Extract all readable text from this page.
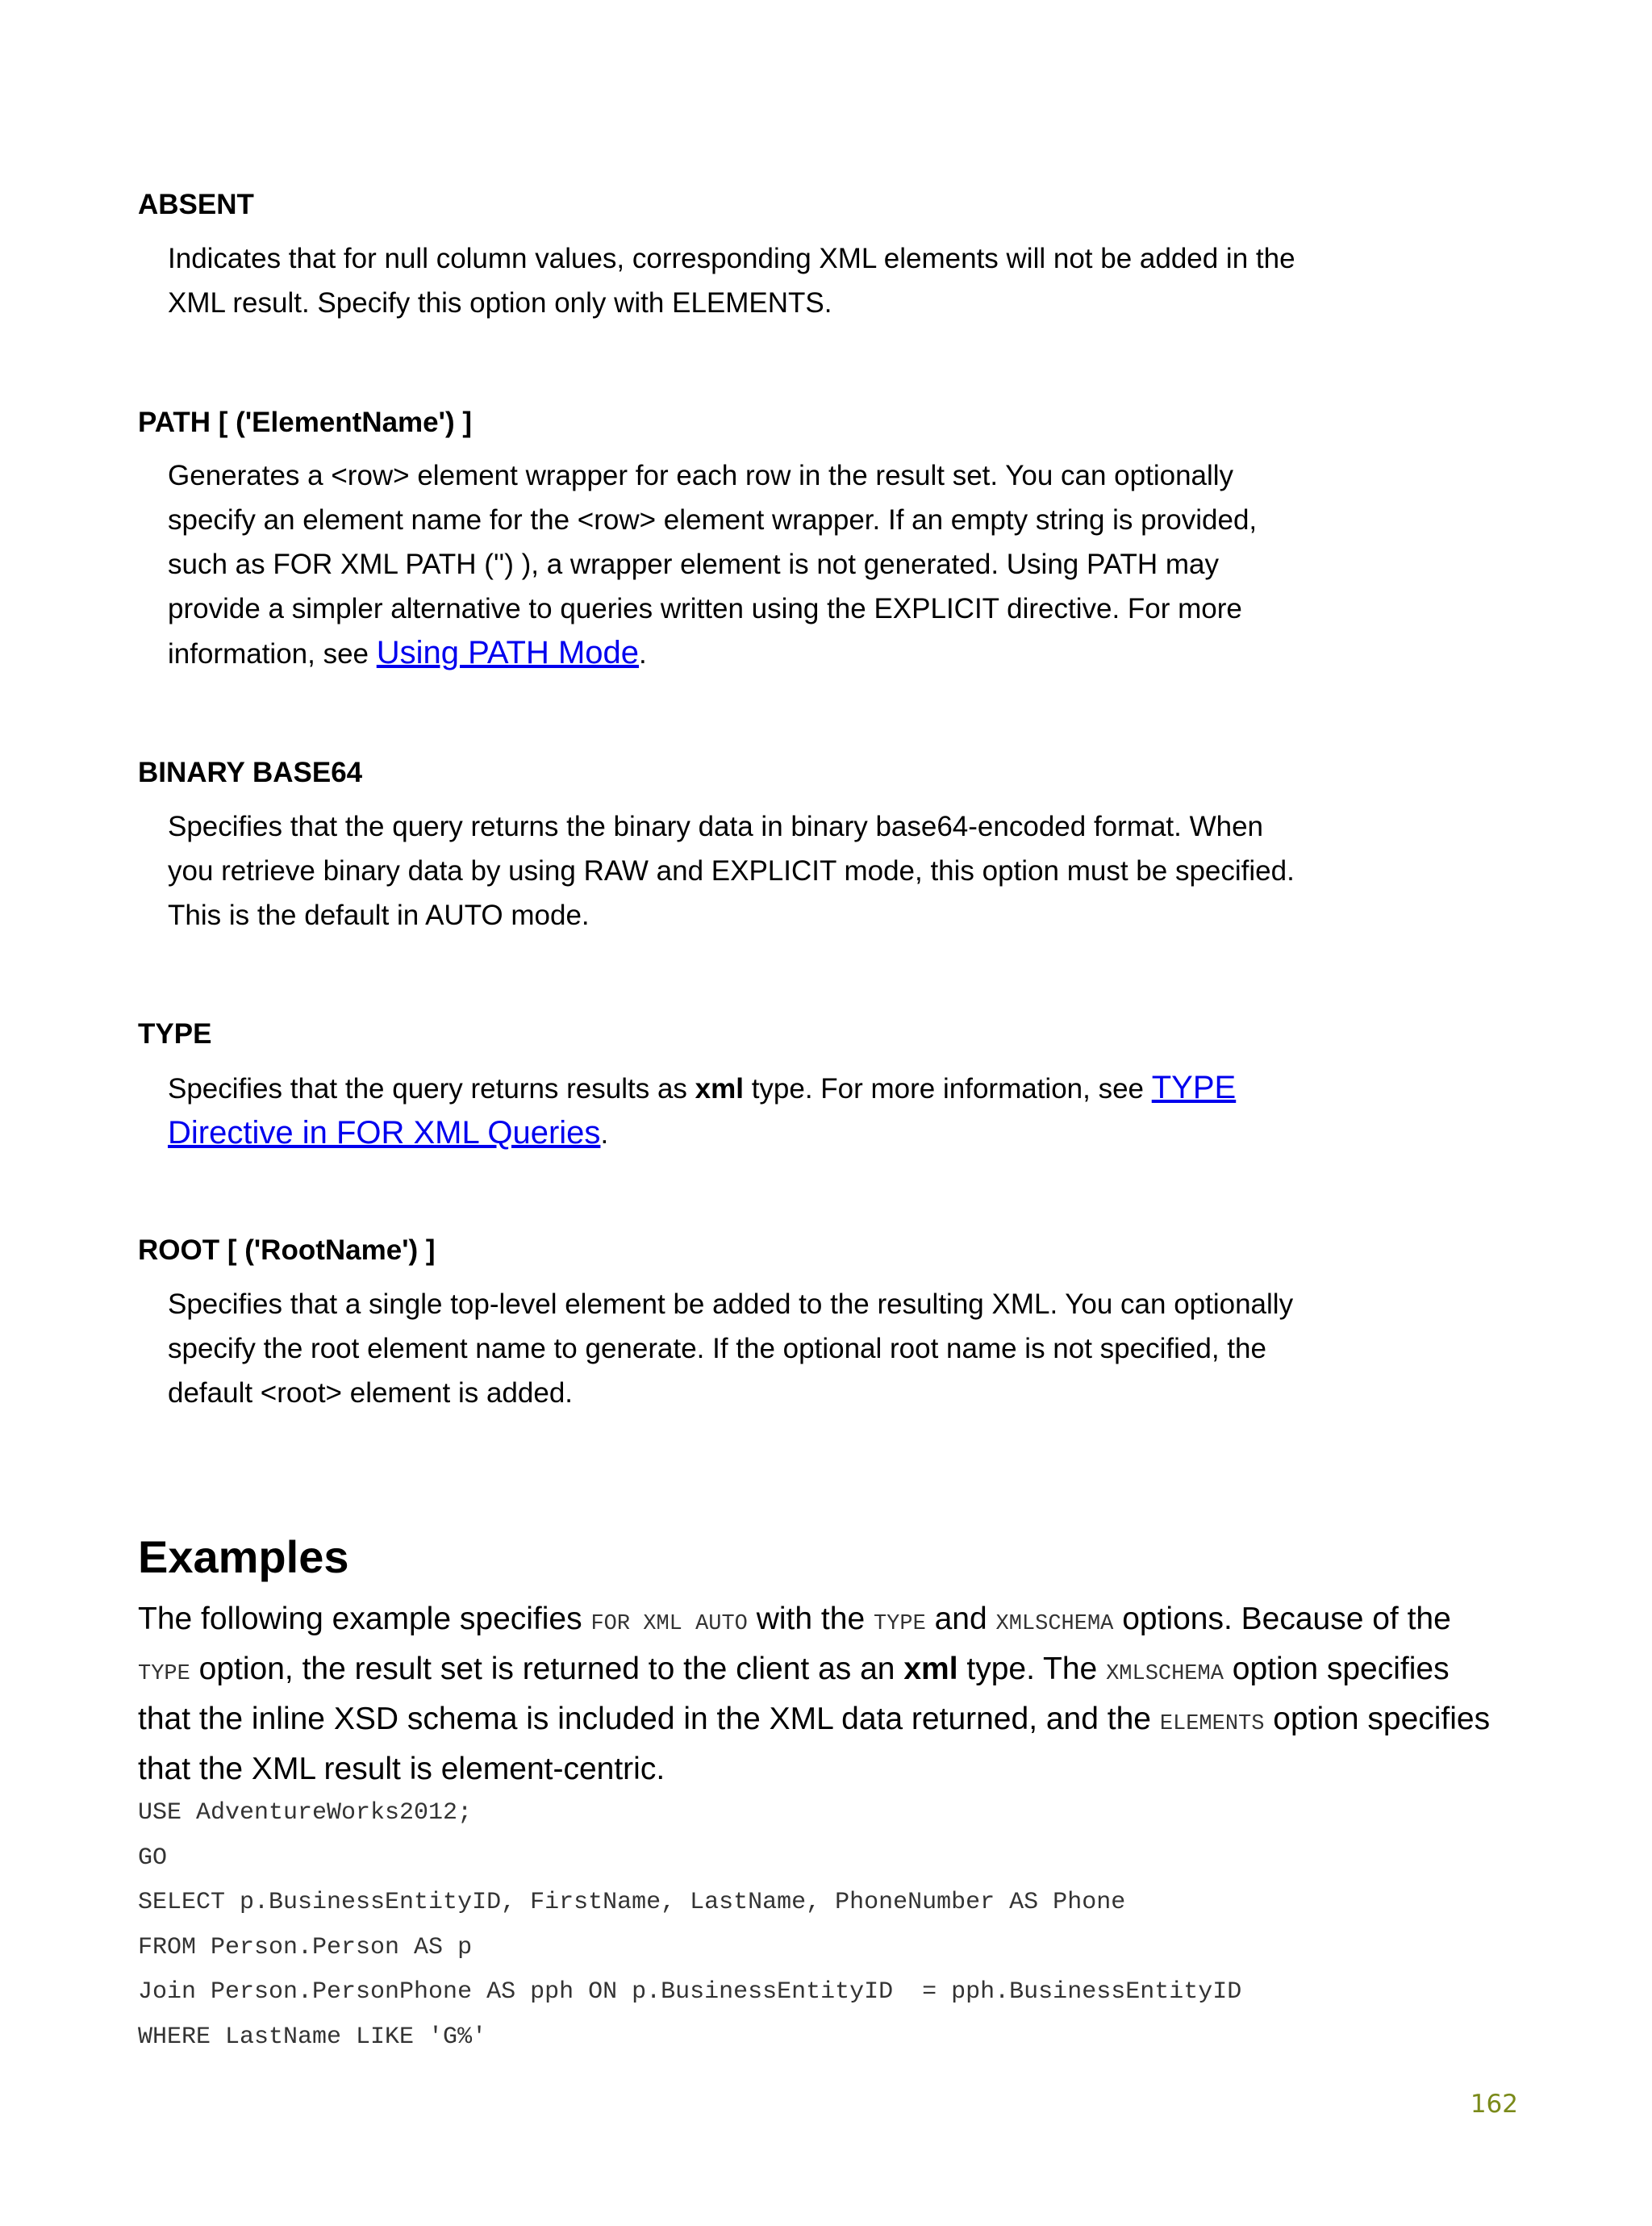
ABSENT

Indicates that for null column values, corresponding XML elements will not be added in the XML result. Specify this option only with ELEMENTS.

PATH [ ('ElementName') ]

Generates a <row> element wrapper for each row in the result set. You can optionally specify an element name for the <row> element wrapper. If an empty string is provided, such as FOR XML PATH ('') ), a wrapper element is not generated. Using PATH may provide a simpler alternative to queries written using the EXPLICIT directive. For more information, see Using PATH Mode.

BINARY BASE64

Specifies that the query returns the binary data in binary base64-encoded format. When you retrieve binary data by using RAW and EXPLICIT mode, this option must be specified. This is the default in AUTO mode.

TYPE

Specifies that the query returns results as xml type. For more information, see TYPE Directive in FOR XML Queries.

ROOT [ ('RootName') ]

Specifies that a single top-level element be added to the resulting XML. You can optionally specify the root element name to generate. If the optional root name is not specified, the default <root> element is added.

Examples

The following example specifies FOR XML AUTO with the TYPE and XMLSCHEMA options. Because of the TYPE option, the result set is returned to the client as an xml type. The XMLSCHEMA option specifies that the inline XSD schema is included in the XML data returned, and the ELEMENTS option specifies that the XML result is element-centric.

USE AdventureWorks2012;
GO
SELECT p.BusinessEntityID, FirstName, LastName, PhoneNumber AS Phone
FROM Person.Person AS p
Join Person.PersonPhone AS pph ON p.BusinessEntityID  = pph.BusinessEntityID
WHERE LastName LIKE 'G%'
162
